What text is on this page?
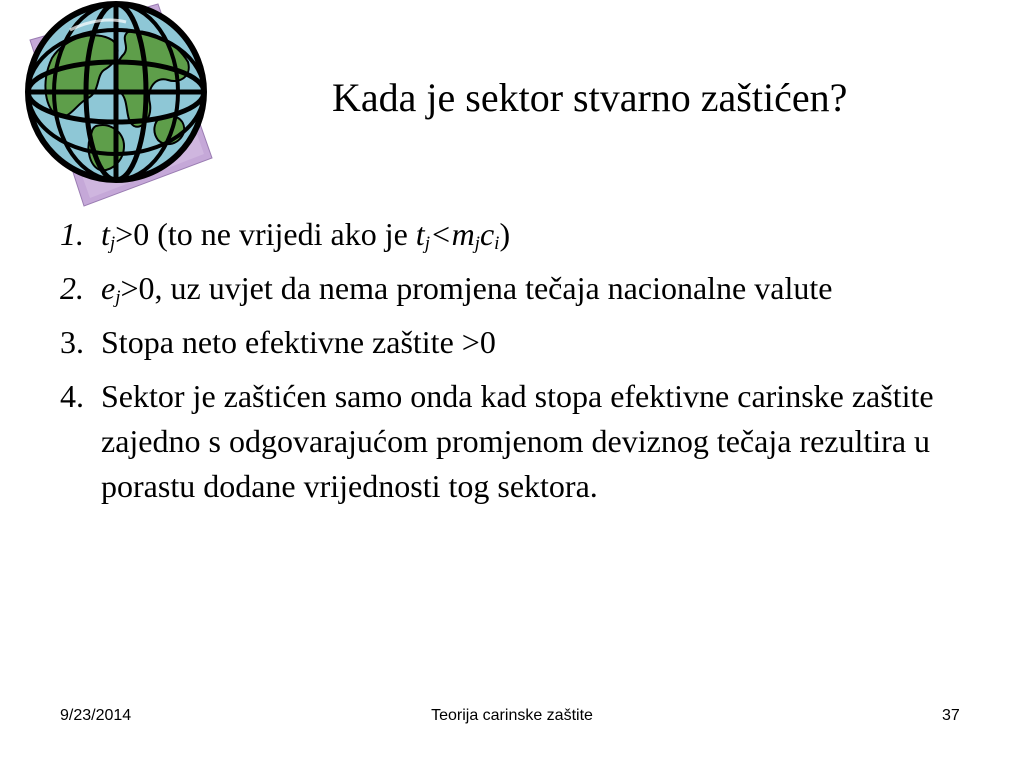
Kada je sektor stvarno zaštićen?
1. $t_j>0$ (to ne vrijedi ako je $t_j<m_jc_i$)
2. $e_j>0$, uz uvjet da nema promjena tečaja nacionalne valute
3. Stopa neto efektivne zaštite >0
4. Sektor je zaštićen samo onda kad stopa efektivne carinske zaštite zajedno s odgovarajućom promjenom deviznog tečaja rezultira u porastu dodane vrijednosti tog sektora.
9/23/2014	Teorija carinske zaštite	37
